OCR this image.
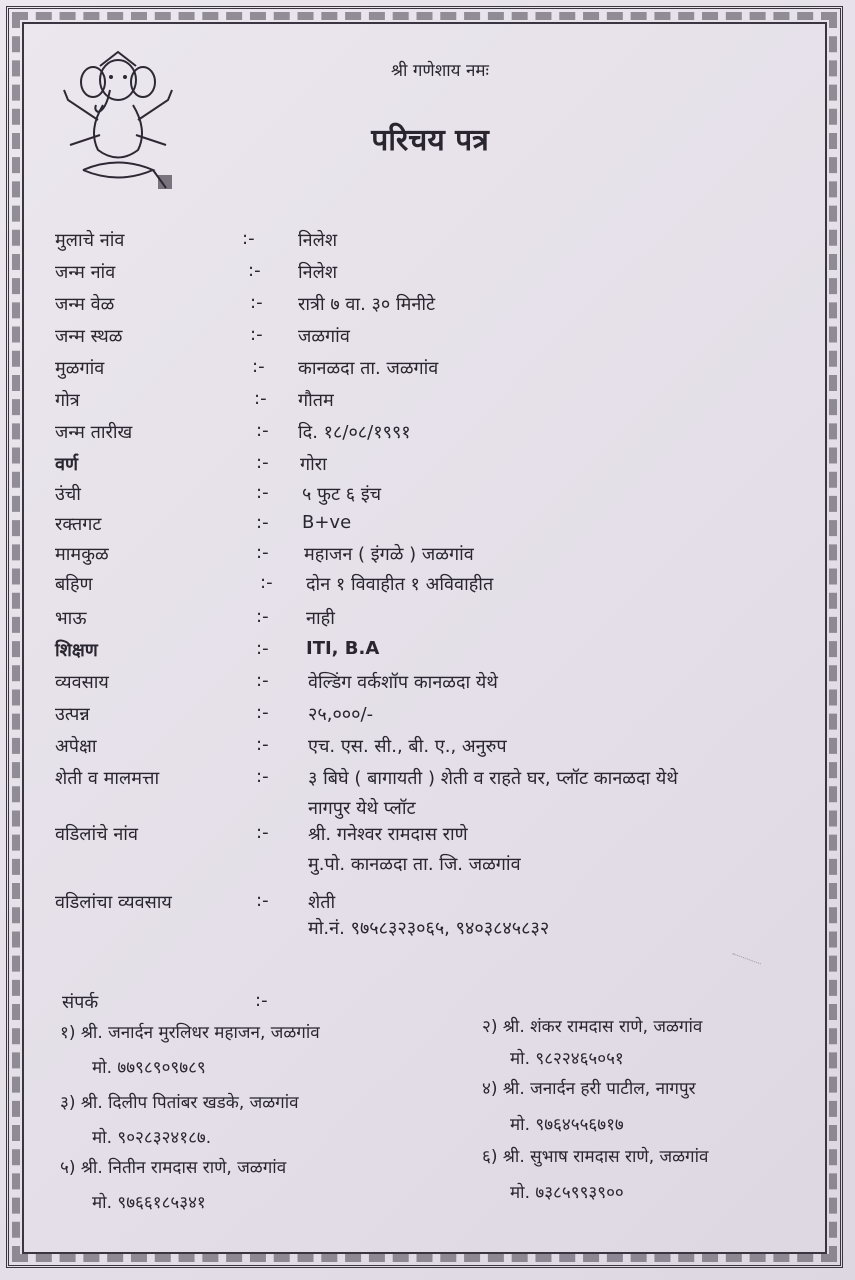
श्री गणेशाय नमः
परिचय पत्र
मुलाचे नांव	:- निलेश
जन्म नांव	:- निलेश
जन्म वेळ	:- रात्री ७ वा. ३० मिनीटे
जन्म स्थळ	:- जळगांव
मुळगांव	:- कानळदा ता. जळगांव
गोत्र	:- गौतम
जन्म तारीख	:- दि. १८/०८/१९९१
वर्ण	:- गोरा
उंची	:- ५ फुट ६ इंच
रक्तगट	:- B+ve
मामकुळ	:- महाजन ( इंगळे ) जळगांव
बहिण	:- दोन १ विवाहीत १ अविवाहीत
भाऊ	:- नाही
शिक्षण	:- ITI, B.A
व्यवसाय	:- वेल्डिंग वर्कशॉप कानळदा येथे
उत्पन्न	:- २५,०००/-
अपेक्षा	:- एच. एस. सी., बी. ए., अनुरुप
शेती व मालमत्ता	:- ३ बिघे ( बागायती ) शेती व राहते घर, प्लॉट कानळदा येथे
नागपुर येथे प्लॉट
वडिलांचे नांव	:- श्री. गनेश्वर रामदास राणे
मु.पो. कानळदा ता. जि. जळगांव
वडिलांचा व्यवसाय	:- शेती
मो.नं. ९७५८३२३०६५, ९४०३८४५८३२
संपर्क	:-
१) श्री. जनार्दन मुरलिधर महाजन, जळगांव
मो. ७७९८९०९७८९
२) श्री. शंकर रामदास राणे, जळगांव
मो. ९८२२४६५०५१
३) श्री. दिलीप पितांबर खडके, जळगांव
मो. ९०२८३२४१८७.
४) श्री. जनार्दन हरी पाटील, नागपुर
मो. ९७६४५५६७१७
५) श्री. नितीन रामदास राणे, जळगांव
मो. ९७६६१८५३४१
६) श्री. सुभाष रामदास राणे, जळगांव
मो. ७३८५९९३९००
